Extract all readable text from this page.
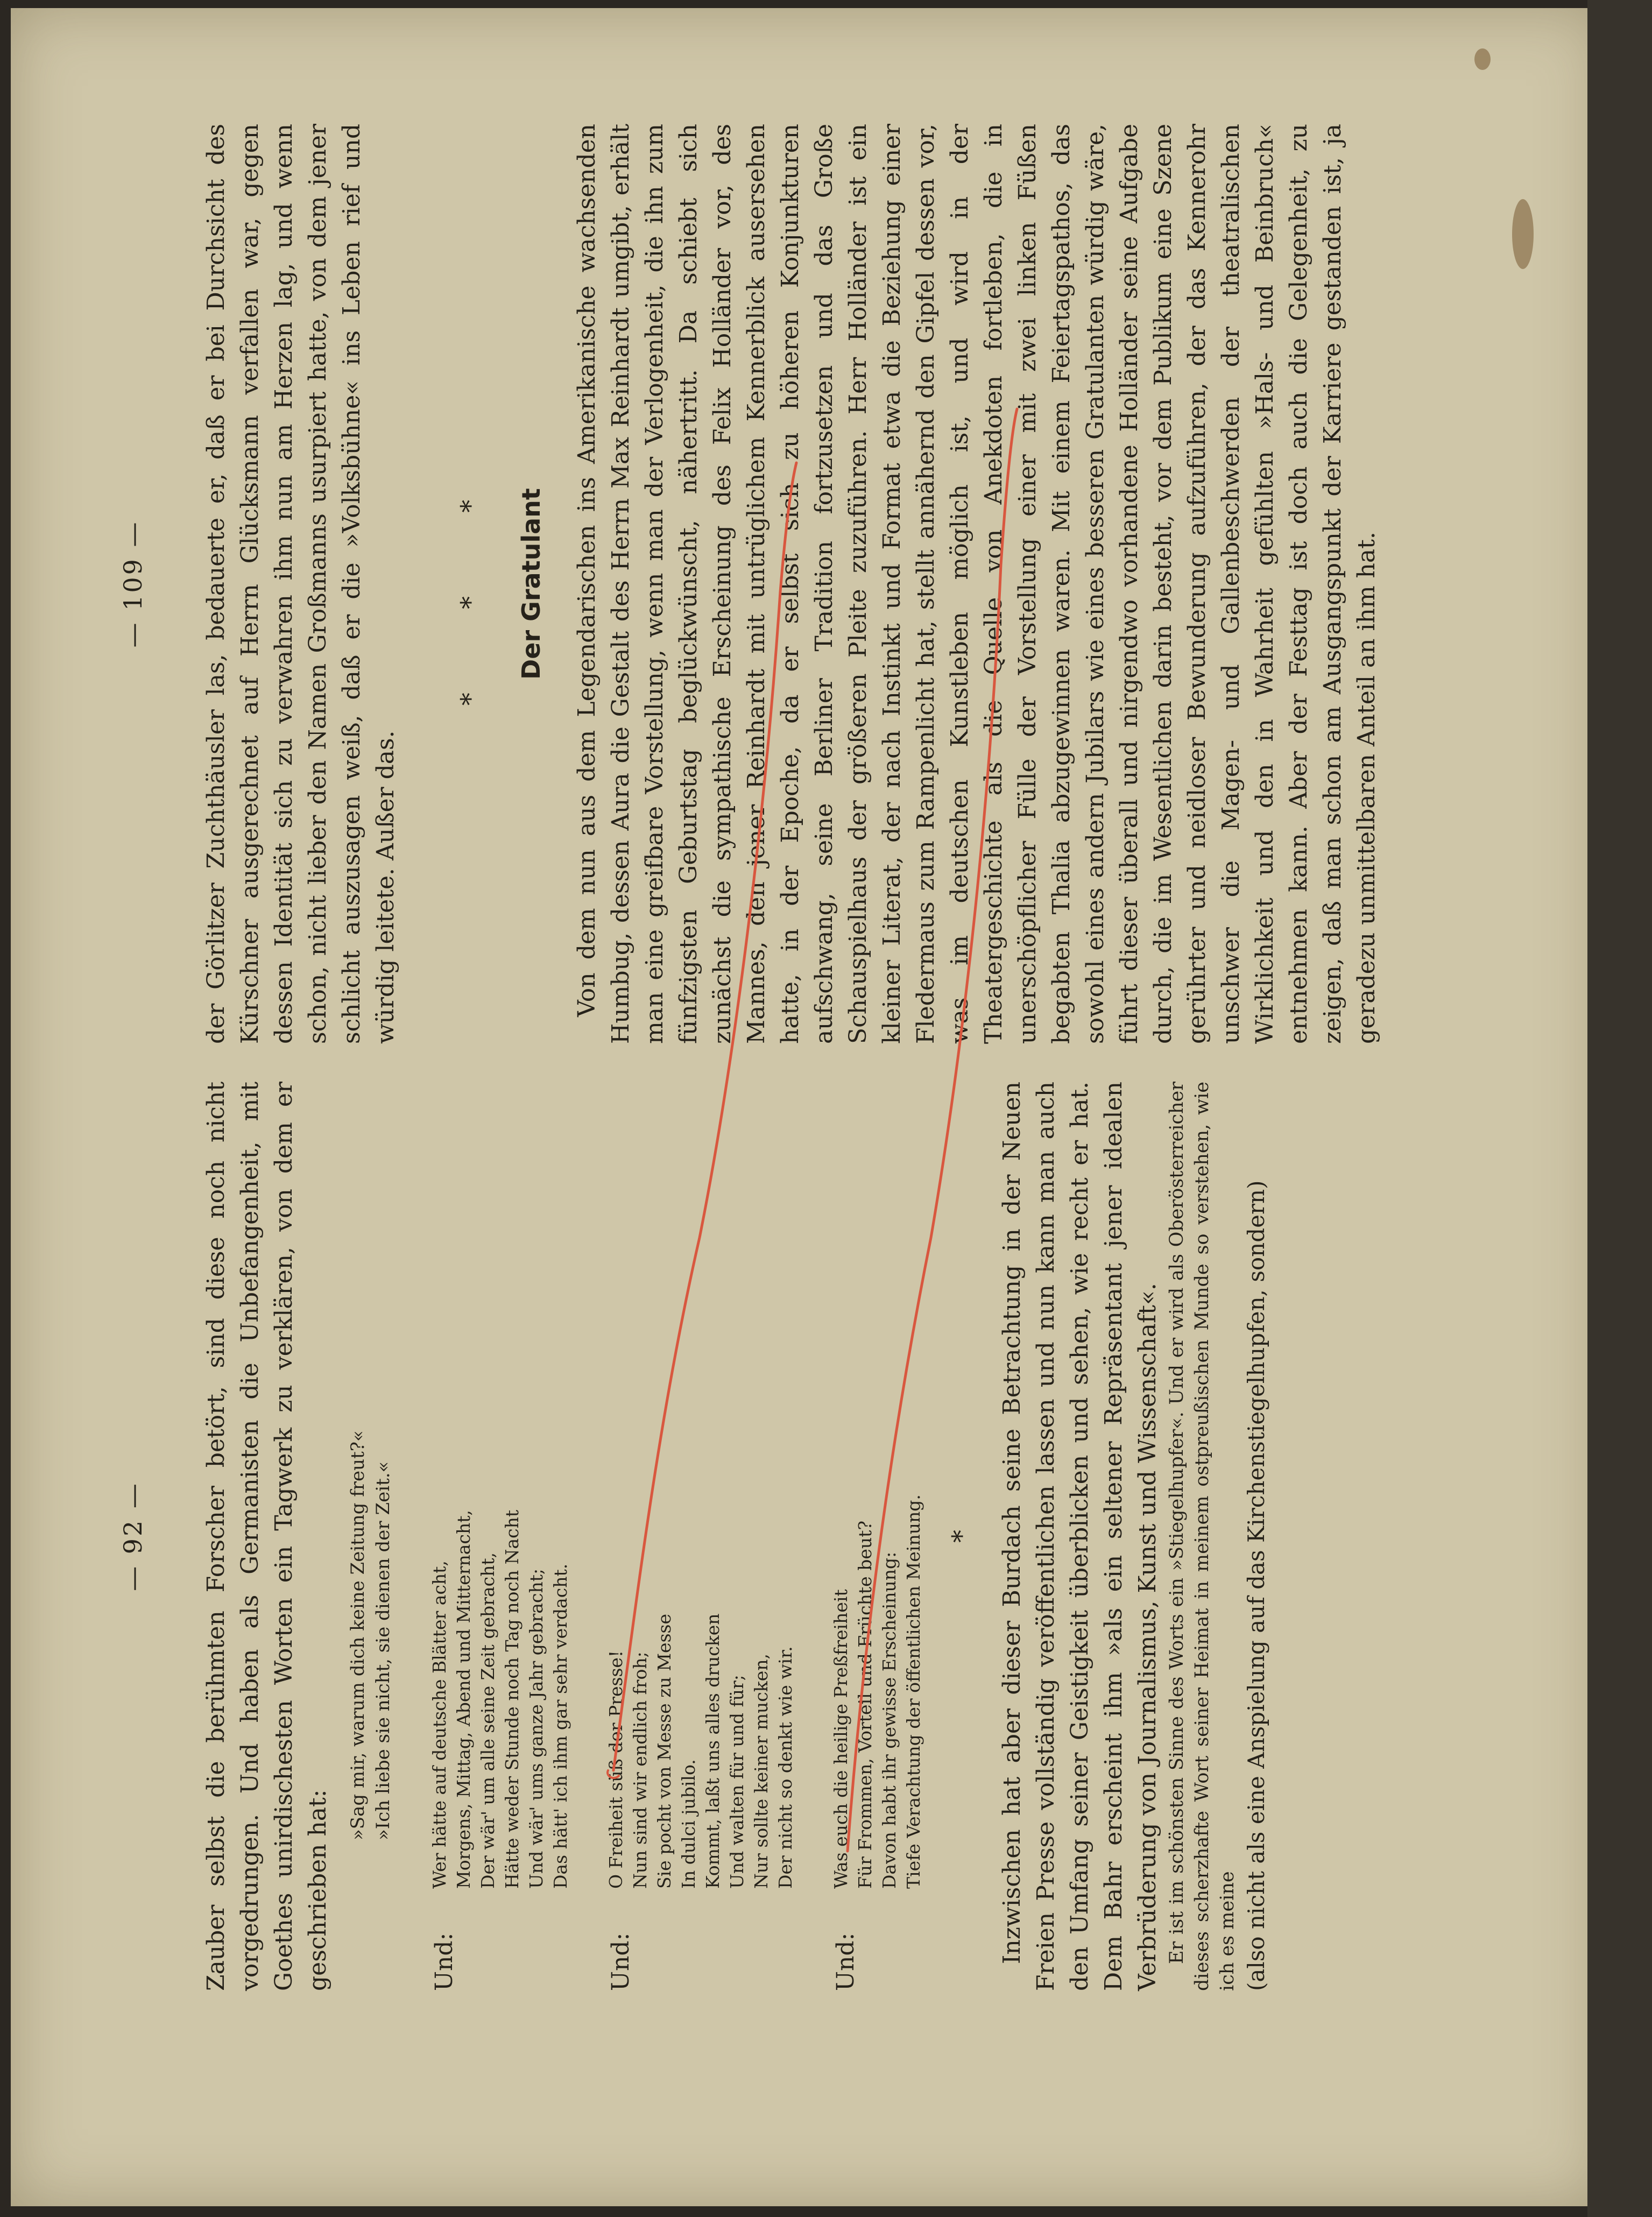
— 92 — Zauber selbst die berühmten Forscher betört, sind diese noch nicht vorgedrungen. Und haben als Germanisten die Unbefangenheit, mit Goethes unirdischesten Worten ein Tagwerk zu verklären, von dem er geschrieben hat:

»Sag mir, warum dich keine Zeitung freut?« »Ich liebe sie nicht, sie dienen der Zeit.«
Und:
Wer hätte auf deutsche Blätter acht, Morgens, Mittag, Abend und Mitternacht, Der wär' um alle seine Zeit gebracht, Hätte weder Stunde noch Tag noch Nacht Und wär' ums ganze Jahr gebracht; Das hätt' ich ihm gar sehr verdacht.
Und:
O Freiheit süß der Presse! Nun sind wir endlich froh; Sie pocht von Messe zu Messe In dulci jubilo. Kommt, laßt uns alles drucken Und walten für und für; Nur sollte keiner mucken, Der nicht so denkt wie wir.
Und:
Was euch die heilige Preßfreiheit Für Frommen, Vorteil und Früchte beut? Davon habt ihr gewisse Erscheinung: Tiefe Verachtung der öffentlichen Meinung. * Inzwischen hat aber dieser Burdach seine Betrachtung in der Neuen Freien Presse vollständig veröffentlichen lassen und nun kann man auch den Umfang seiner Geistigkeit überblicken und sehen, wie recht er hat. Dem Bahr erscheint ihm »als ein seltener Repräsentant jener idealen Verbrüderung von Journalismus, Kunst und Wissenschaft«. Er ist im schönsten Sinne des Worts ein »Stiegelhupfer«. Und er wird als Oberösterreicher dieses scherzhafte Wort seiner Heimat in meinem ostpreußischen Munde so verstehen, wie ich es meine (also nicht als eine Anspielung auf das Kirchenstiegelhupfen, sondern)

— 109 — der Görlitzer Zuchthäusler las, bedauerte er, daß er bei Durchsicht des Kürschner ausgerechnet auf Herrn Glücksmann verfallen war, gegen dessen Identität sich zu verwahren ihm nun am Herzen lag, und wenn schon, nicht lieber den Namen Großmanns usurpiert hatte, von dem jener schlicht auszusagen weiß, daß er die »Volksbühne« ins Leben rief und würdig leitete. Außer das.

* * * Der Gratulant Von dem nun aus dem Legendarischen ins Amerikanische wachsenden Humbug, dessen Aura die Gestalt des Herrn Max Reinhardt umgibt, erhält man eine greifbare Vorstellung, wenn man der Verlogenheit, die ihn zum fünfzigsten Geburtstag beglückwünscht, nähertritt. Da schiebt sich zunächst die sympathische Erscheinung des Felix Holländer vor, des Mannes, den jener Reinhardt mit untrüglichem Kennerblick ausersehen hatte, in der Epoche, da er selbst sich zu höheren Konjunkturen aufschwang, seine Berliner Tradition fortzusetzen und das Große Schauspielhaus der größeren Pleite zuzuführen. Herr Holländer ist ein kleiner Literat, der nach Instinkt und Format etwa die Beziehung einer Fledermaus zum Rampenlicht hat, stellt annähernd den Gipfel dessen vor, was im deutschen Kunstleben möglich ist, und wird in der Theatergeschichte als die Quelle von Anekdoten fortleben, die in unerschöpflicher Fülle der Vorstellung einer mit zwei linken Füßen begabten Thalia abzugewinnen waren. Mit einem Feiertagspathos, das sowohl eines andern Jubilars wie eines besseren Gratulanten würdig wäre, führt dieser überall und nirgendwo vorhandene Holländer seine Aufgabe durch, die im Wesentlichen darin besteht, vor dem Publikum eine Szene gerührter und neidloser Bewunderung aufzuführen, der das Kennerohr unschwer die Magen- und Gallenbeschwerden der theatralischen Wirklichkeit und den in Wahrheit gefühlten »Hals- und Beinbruch« entnehmen kann. Aber der Festtag ist doch auch die Gelegenheit, zu zeigen, daß man schon am Ausgangspunkt der Karriere gestanden ist, ja geradezu unmittelbaren Anteil an ihm hat.
